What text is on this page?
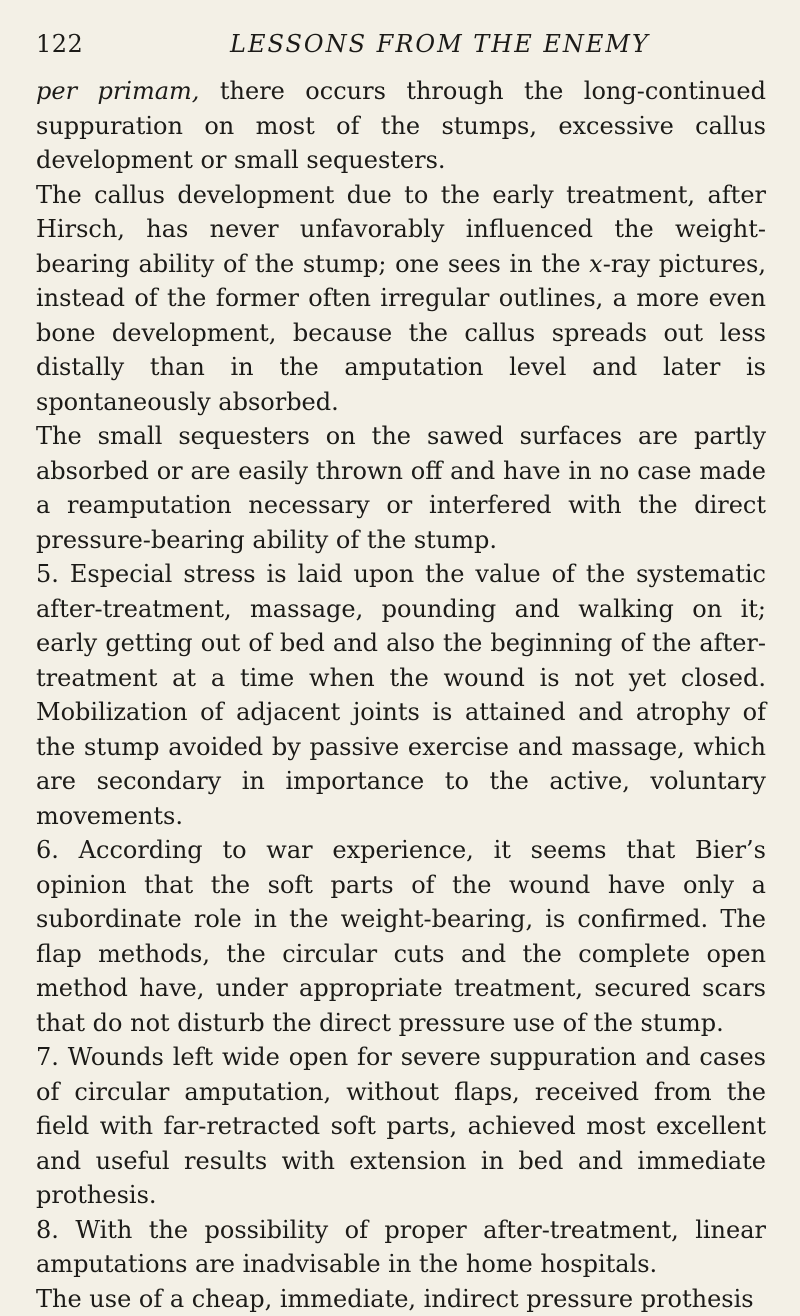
122	LESSONS FROM THE ENEMY

per primam, there occurs through the long-continued suppuration on most of the stumps, excessive callus development or small sequesters.

The callus development due to the early treatment, after Hirsch, has never unfavorably influenced the weight-bearing ability of the stump; one sees in the x-ray pictures, instead of the former often irregular outlines, a more even bone development, because the callus spreads out less distally than in the amputation level and later is spontaneously absorbed.

The small sequesters on the sawed surfaces are partly absorbed or are easily thrown off and have in no case made a reamputation necessary or interfered with the direct pressure-bearing ability of the stump.

5. Especial stress is laid upon the value of the systematic after-treatment, massage, pounding and walking on it; early getting out of bed and also the beginning of the after-treatment at a time when the wound is not yet closed. Mobilization of adjacent joints is attained and atrophy of the stump avoided by passive exercise and massage, which are secondary in importance to the active, voluntary movements.

6. According to war experience, it seems that Bier’s opinion that the soft parts of the wound have only a subordinate role in the weight-bearing, is confirmed. The flap methods, the circular cuts and the complete open method have, under appropriate treatment, secured scars that do not disturb the direct pressure use of the stump.

7. Wounds left wide open for severe suppuration and cases of circular amputation, without flaps, received from the field with far-retracted soft parts, achieved most excellent and useful results with extension in bed and immediate prothesis.

8. With the possibility of proper after-treatment, linear amputations are inadvisable in the home hospitals.

The use of a cheap, immediate, indirect pressure prothesis
